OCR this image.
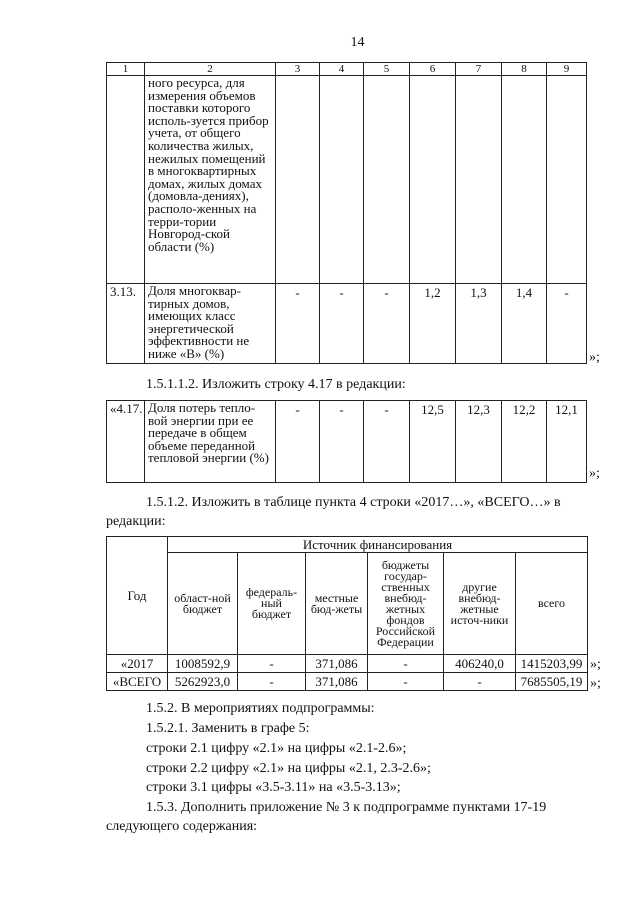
14
1	2	3	4	5	6	7	8	9
	ного ресурса, для измерения объемов поставки которого исполь-зуется прибор учета, от общего количества жилых, нежилых помещений в многоквартирных домах, жилых домах (домовла-дениях), располо-женных на терри-тории Новгород-ской области (%)							
3.13.	Доля многоквар-тирных домов, имеющих класс энергетической эффективности не ниже «В» (%)	-	-	-	1,2	1,3	1,4	-
»;
1.5.1.1.2. Изложить строку 4.17 в редакции:
«4.17.	Доля потерь тепло-вой энергии при ее передаче в общем объеме переданной тепловой энергии (%)	-	-	-	12,5	12,3	12,2	12,1
»;
1.5.1.2. Изложить в таблице пункта 4 строки «2017…», «ВСЕГО…» в
редакции:
Год	Источник финансирования					
	област-ной бюджет	федераль-ный бюджет	местные бюд-жеты	бюджеты государ-ственных внебюд-жетных фондов Российской Федерации	другие внебюд-жетные источ-ники	всего
«2017	1008592,9	-	371,086	-	406240,0	1415203,99
«ВСЕГО	5262923,0	-	371,086	-	-	7685505,19
»;
»;
1.5.2. В мероприятиях подпрограммы:
1.5.2.1. Заменить в графе 5:
строки 2.1 цифру «2.1» на цифры «2.1-2.6»;
строки 2.2 цифру «2.1» на цифры «2.1, 2.3-2.6»;
строки 3.1 цифры «3.5-3.11» на «3.5-3.13»;
1.5.3. Дополнить приложение № 3 к подпрограмме пунктами 17-19
следующего содержания:
